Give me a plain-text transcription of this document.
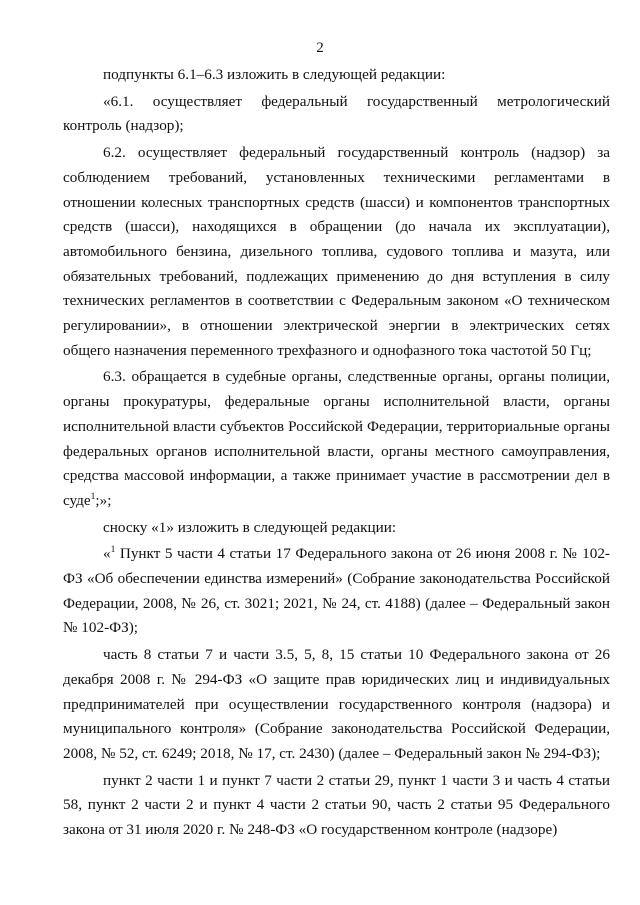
2

подпункты 6.1–6.3 изложить в следующей редакции:

«6.1. осуществляет федеральный государственный метрологический контроль (надзор);

6.2. осуществляет федеральный государственный контроль (надзор) за соблюдением требований, установленных техническими регламентами в отношении колесных транспортных средств (шасси) и компонентов транспортных средств (шасси), находящихся в обращении (до начала их эксплуатации), автомобильного бензина, дизельного топлива, судового топлива и мазута, или обязательных требований, подлежащих применению до дня вступления в силу технических регламентов в соответствии с Федеральным законом «О техническом регулировании», в отношении электрической энергии в электрических сетях общего назначения переменного трехфазного и однофазного тока частотой 50 Гц;

6.3. обращается в судебные органы, следственные органы, органы полиции, органы прокуратуры, федеральные органы исполнительной власти, органы исполнительной власти субъектов Российской Федерации, территориальные органы федеральных органов исполнительной власти, органы местного самоуправления, средства массовой информации, а также принимает участие в рассмотрении дел в суде$^1$;»;

сноску «1» изложить в следующей редакции:

«$^1$ Пункт 5 части 4 статьи 17 Федерального закона от 26 июня 2008 г. № 102-ФЗ «Об обеспечении единства измерений» (Собрание законодательства Российской Федерации, 2008, № 26, ст. 3021; 2021, № 24, ст. 4188) (далее – Федеральный закон № 102-ФЗ);

часть 8 статьи 7 и части 3.5, 5, 8, 15 статьи 10 Федерального закона от 26 декабря 2008 г. № 294-ФЗ «О защите прав юридических лиц и индивидуальных предпринимателей при осуществлении государственного контроля (надзора) и муниципального контроля» (Собрание законодательства Российской Федерации, 2008, № 52, ст. 6249; 2018, № 17, ст. 2430) (далее – Федеральный закон № 294-ФЗ);

пункт 2 части 1 и пункт 7 части 2 статьи 29, пункт 1 части 3 и часть 4 статьи 58, пункт 2 части 2 и пункт 4 части 2 статьи 90, часть 2 статьи 95 Федерального закона от 31 июля 2020 г. № 248-ФЗ «О государственном контроле (надзоре)
